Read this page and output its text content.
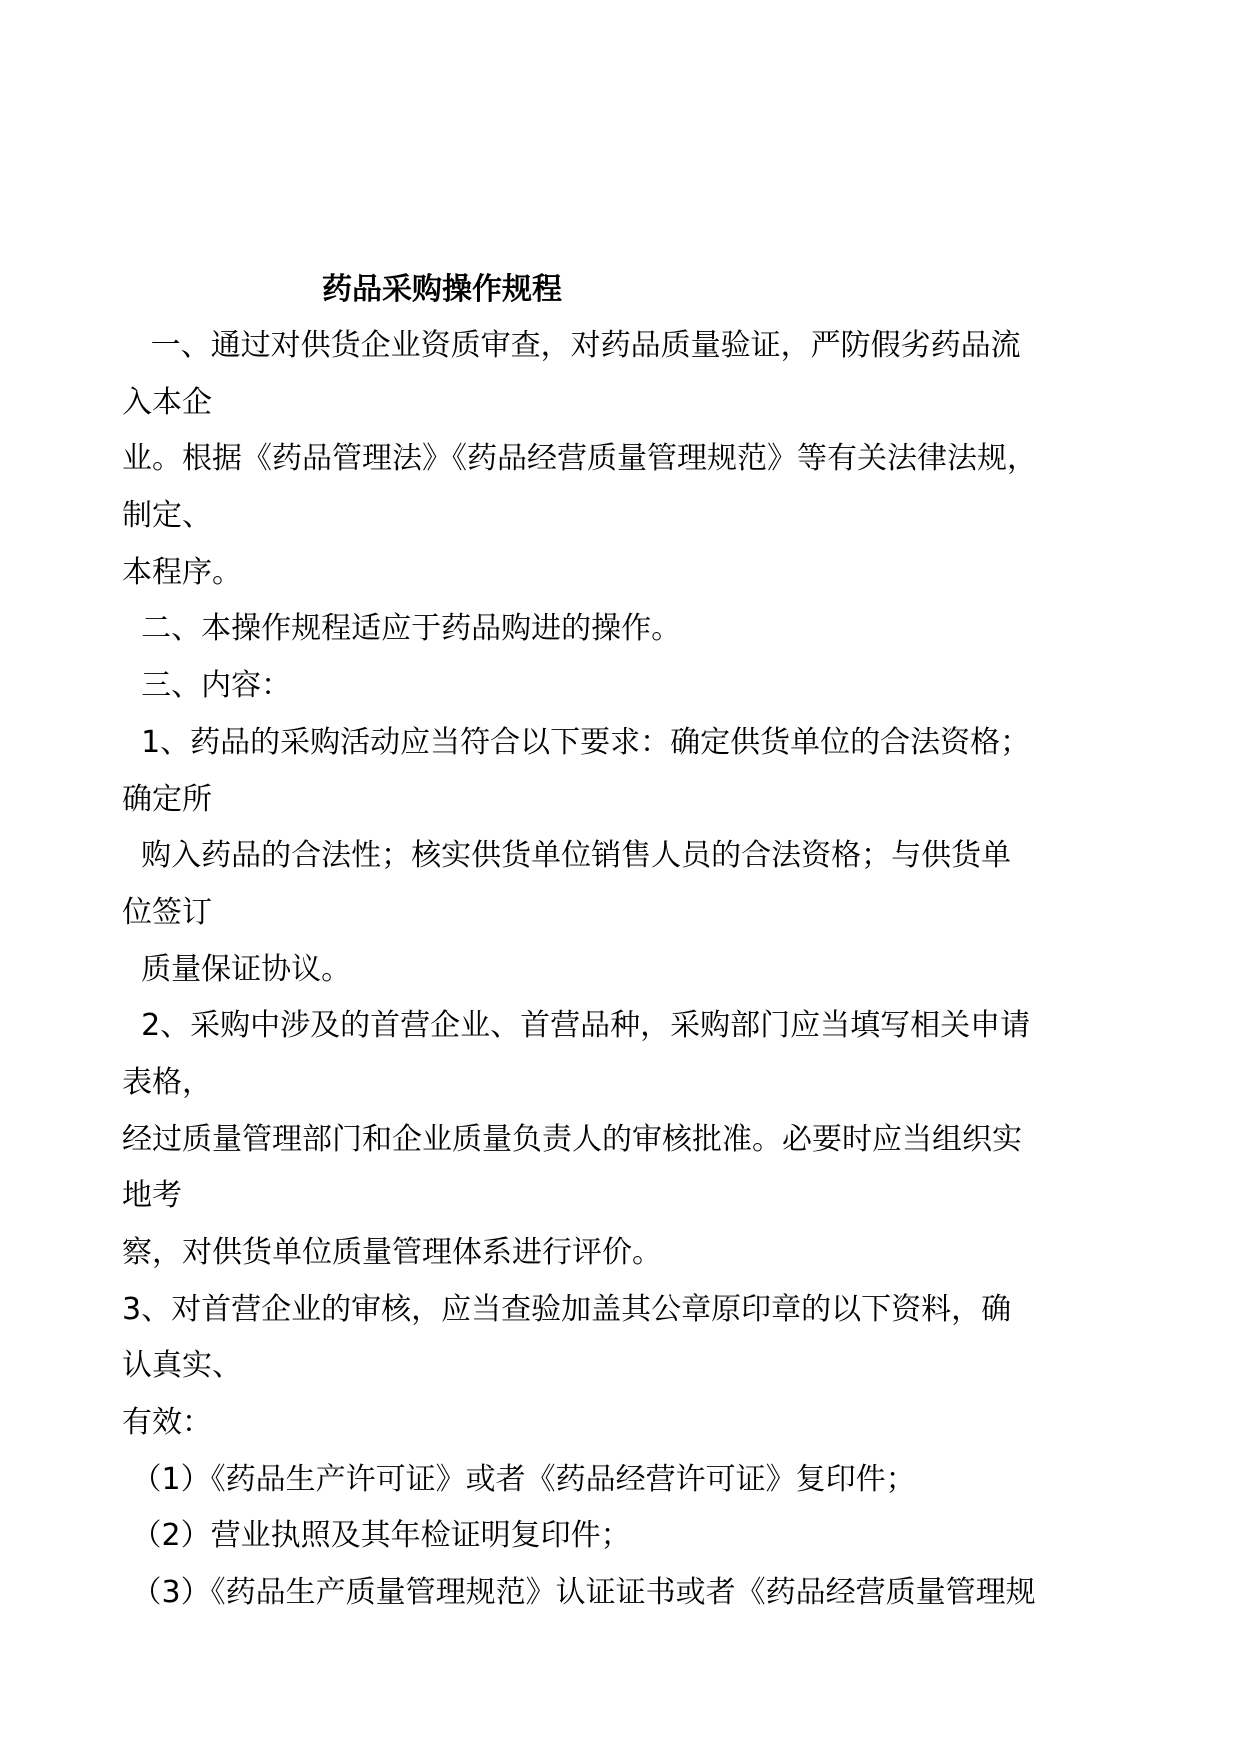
药品采购操作规程
一、通过对供货企业资质审查，对药品质量验证，严防假劣药品流
入本企
业。根据《药品管理法》《药品经营质量管理规范》等有关法律法规，
制定、
本程序。
二、本操作规程适应于药品购进的操作。
三、内容：
1、药品的采购活动应当符合以下要求：确定供货单位的合法资格；
确定所
购入药品的合法性；核实供货单位销售人员的合法资格；与供货单
位签订
质量保证协议。
2、采购中涉及的首营企业、首营品种，采购部门应当填写相关申请
表格，
经过质量管理部门和企业质量负责人的审核批准。必要时应当组织实
地考
察，对供货单位质量管理体系进行评价。
3、对首营企业的审核，应当查验加盖其公章原印章的以下资料，确
认真实、
有效：
（1）《药品生产许可证》或者《药品经营许可证》复印件；
（2）营业执照及其年检证明复印件；
（3）《药品生产质量管理规范》认证证书或者《药品经营质量管理规
